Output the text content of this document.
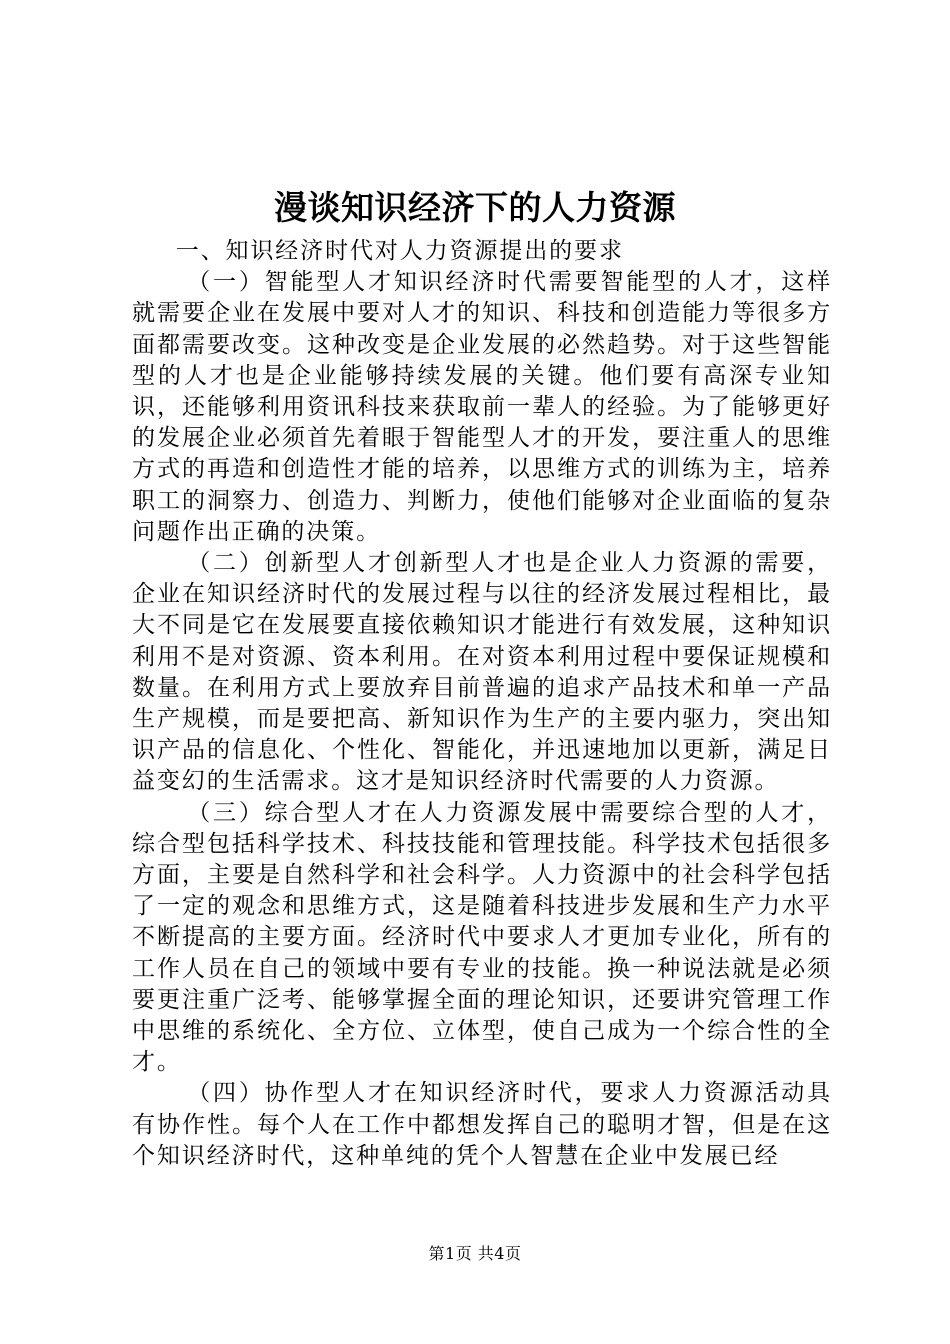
漫谈知识经济下的人力资源

一、知识经济时代对人力资源提出的要求

（一）智能型人才知识经济时代需要智能型的人才，这样就需要企业在发展中要对人才的知识、科技和创造能力等很多方面都需要改变。这种改变是企业发展的必然趋势。对于这些智能型的人才也是企业能够持续发展的关键。他们要有高深专业知识，还能够利用资讯科技来获取前一辈人的经验。为了能够更好的发展企业必须首先着眼于智能型人才的开发，要注重人的思维方式的再造和创造性才能的培养，以思维方式的训练为主，培养职工的洞察力、创造力、判断力，使他们能够对企业面临的复杂问题作出正确的决策。

（二）创新型人才创新型人才也是企业人力资源的需要，企业在知识经济时代的发展过程与以往的经济发展过程相比，最大不同是它在发展要直接依赖知识才能进行有效发展，这种知识利用不是对资源、资本利用。在对资本利用过程中要保证规模和数量。在利用方式上要放弃目前普遍的追求产品技术和单一产品生产规模，而是要把高、新知识作为生产的主要内驱力，突出知识产品的信息化、个性化、智能化，并迅速地加以更新，满足日益变幻的生活需求。这才是知识经济时代需要的人力资源。

（三）综合型人才在人力资源发展中需要综合型的人才，综合型包括科学技术、科技技能和管理技能。科学技术包括很多方面，主要是自然科学和社会科学。人力资源中的社会科学包括了一定的观念和思维方式，这是随着科技进步发展和生产力水平不断提高的主要方面。经济时代中要求人才更加专业化，所有的工作人员在自己的领域中要有专业的技能。换一种说法就是必须要更注重广泛考、能够掌握全面的理论知识，还要讲究管理工作中思维的系统化、全方位、立体型，使自己成为一个综合性的全才。

（四）协作型人才在知识经济时代，要求人力资源活动具有协作性。每个人在工作中都想发挥自己的聪明才智，但是在这个知识经济时代，这种单纯的凭个人智慧在企业中发展已经

第1页 共4页
